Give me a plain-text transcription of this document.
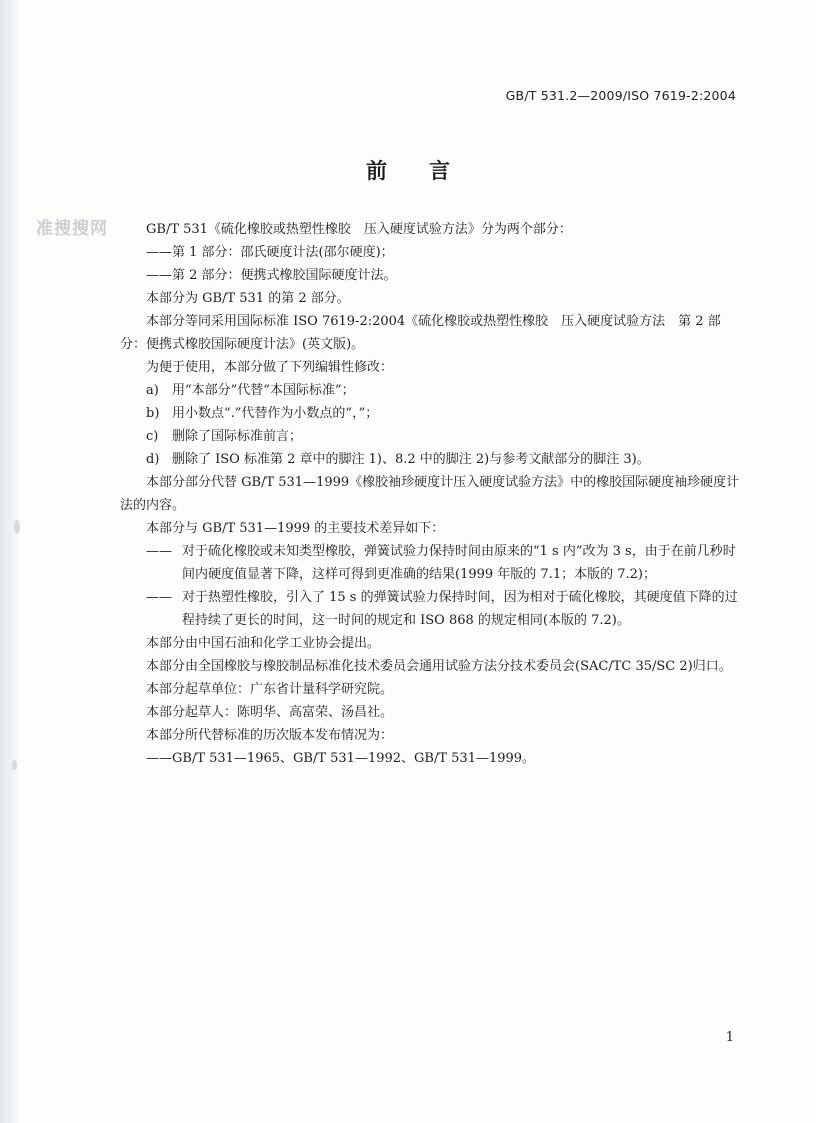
GB/T 531.2—2009/ISO 7619-2:2004
前言
准搜搜网	GB/T 531《硫化橡胶或热塑性橡胶　压入硬度试验方法》分为两个部分：

—— 第 1 部分：邵氏硬度计法(邵尔硬度)；
—— 第 2 部分：便携式橡胶国际硬度计法。

本部分为 GB/T 531 的第 2 部分。

本部分等同采用国际标准 ISO 7619-2:2004《硫化橡胶或热塑性橡胶　压入硬度试验方法　第 2 部分：便携式橡胶国际硬度计法》(英文版)。

为便于使用，本部分做了下列编辑性修改：

a) 用“本部分”代替“本国际标准”；
b) 用小数点“.”代替作为小数点的“，”；
c) 删除了国际标准前言；
d) 删除了 ISO 标准第 2 章中的脚注 1)、8.2 中的脚注 2)与参考文献部分的脚注 3)。

本部分部分代替 GB/T 531—1999《橡胶袖珍硬度计压入硬度试验方法》中的橡胶国际硬度袖珍硬度计法的内容。

本部分与 GB/T 531—1999 的主要技术差异如下：

—— 对于硫化橡胶或未知类型橡胶，弹簧试验力保持时间由原来的“1 s 内”改为 3 s，由于在前几秒时间内硬度值显著下降，这样可得到更准确的结果(1999 年版的 7.1；本版的 7.2)；
—— 对于热塑性橡胶，引入了 15 s 的弹簧试验力保持时间，因为相对于硫化橡胶，其硬度值下降的过程持续了更长的时间，这一时间的规定和 ISO 868 的规定相同(本版的 7.2)。

本部分由中国石油和化学工业协会提出。

本部分由全国橡胶与橡胶制品标准化技术委员会通用试验方法分技术委员会(SAC/TC 35/SC 2)归口。

本部分起草单位：广东省计量科学研究院。

本部分起草人：陈明华、高富荣、汤昌社。

本部分所代替标准的历次版本发布情况为：

—— GB/T 531—1965、GB/T 531—1992、GB/T 531—1999。
1
